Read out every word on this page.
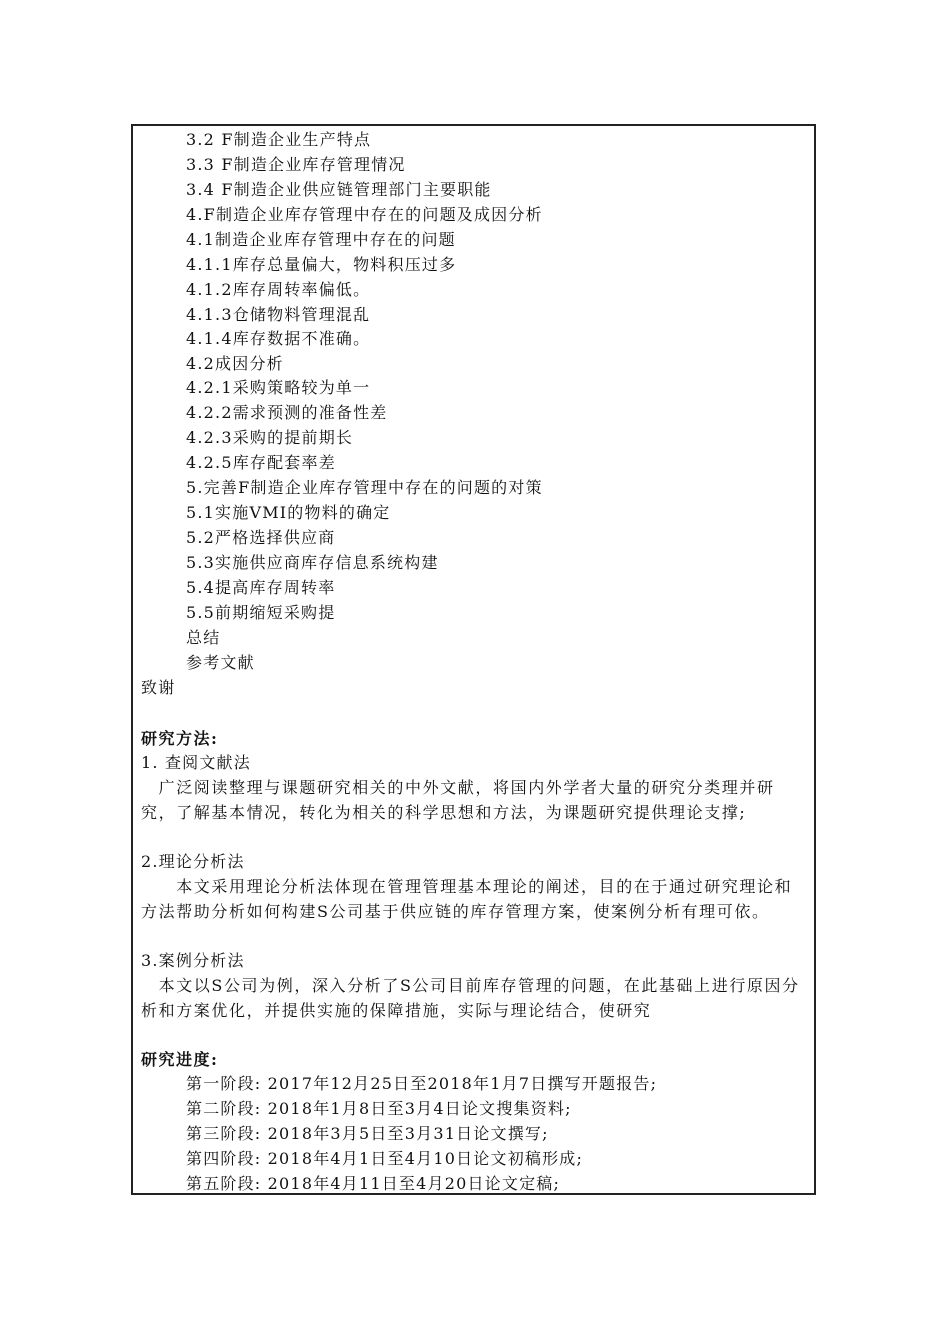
3.2 F制造企业生产特点
3.3 F制造企业库存管理情况
3.4 F制造企业供应链管理部门主要职能
4.F制造企业库存管理中存在的问题及成因分析
4.1制造企业库存管理中存在的问题
4.1.1库存总量偏大，物料积压过多
4.1.2库存周转率偏低。
4.1.3仓储物料管理混乱
4.1.4库存数据不准确。
4.2成因分析
4.2.1采购策略较为单一
4.2.2需求预测的准备性差
4.2.3采购的提前期长
4.2.5库存配套率差
5.完善F制造企业库存管理中存在的问题的对策
5.1实施VMI的物料的确定
5.2严格选择供应商
5.3实施供应商库存信息系统构建
5.4提高库存周转率
5.5前期缩短采购提
总结
参考文献
致谢
研究方法:
1. 查阅文献法
　广泛阅读整理与课题研究相关的中外文献，将国内外学者大量的研究分类理并研究，了解基本情况，转化为相关的科学思想和方法，为课题研究提供理论支撑;
2.理论分析法
　　本文采用理论分析法体现在管理管理基本理论的阐述，目的在于通过研究理论和方法帮助分析如何构建S公司基于供应链的库存管理方案，使案例分析有理可依。
3.案例分析法
　本文以S公司为例，深入分析了S公司目前库存管理的问题，在此基础上进行原因分析和方案优化，并提供实施的保障措施，实际与理论结合，使研究
研究进度:
第一阶段: 2017年12月25日至2018年1月7日撰写开题报告;
第二阶段: 2018年1月8日至3月4日论文搜集资料;
第三阶段: 2018年3月5日至3月31日论文撰写;
第四阶段: 2018年4月1日至4月10日论文初稿形成;
第五阶段: 2018年4月11日至4月20日论文定稿;
